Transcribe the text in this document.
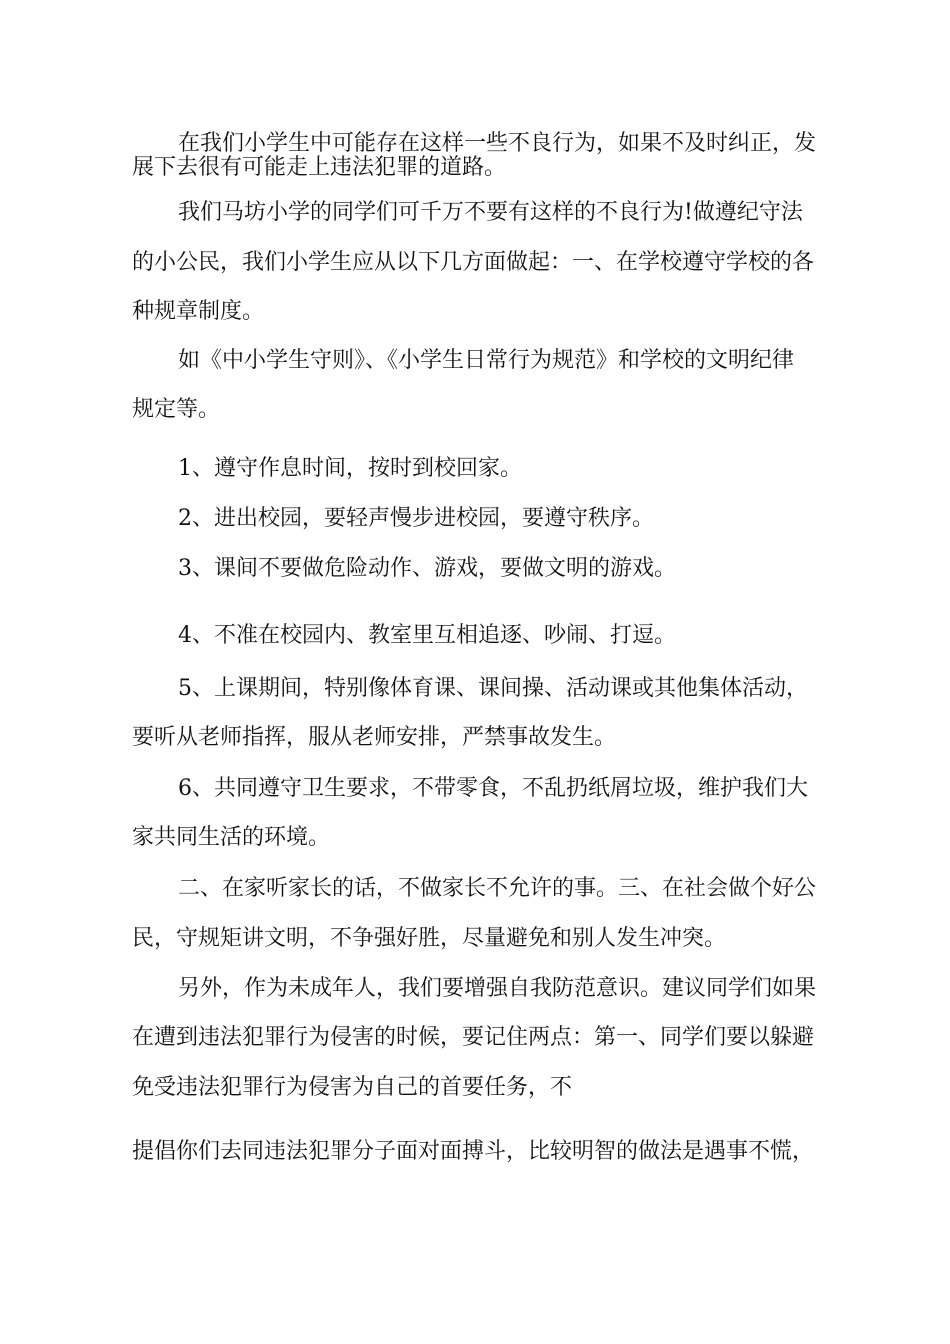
在我们小学生中可能存在这样一些不良行为，如果不及时纠正，发

展下去很有可能走上违法犯罪的道路。

我们马坊小学的同学们可千万不要有这样的不良行为!做遵纪守法

的小公民，我们小学生应从以下几方面做起：一、在学校遵守学校的各

种规章制度。

如《中小学生守则》、《小学生日常行为规范》和学校的文明纪律

规定等。

1、遵守作息时间，按时到校回家。

2、进出校园，要轻声慢步进校园，要遵守秩序。

3、课间不要做危险动作、游戏，要做文明的游戏。

4、不准在校园内、教室里互相追逐、吵闹、打逗。

5、上课期间，特别像体育课、课间操、活动课或其他集体活动，

要听从老师指挥，服从老师安排，严禁事故发生。

6、共同遵守卫生要求，不带零食，不乱扔纸屑垃圾，维护我们大

家共同生活的环境。

二、在家听家长的话，不做家长不允许的事。三、在社会做个好公

民，守规矩讲文明，不争强好胜，尽量避免和别人发生冲突。

另外，作为未成年人，我们要增强自我防范意识。建议同学们如果

在遭到违法犯罪行为侵害的时候，要记住两点：第一、同学们要以躲避

免受违法犯罪行为侵害为自己的首要任务，不

提倡你们去同违法犯罪分子面对面搏斗，比较明智的做法是遇事不慌，
